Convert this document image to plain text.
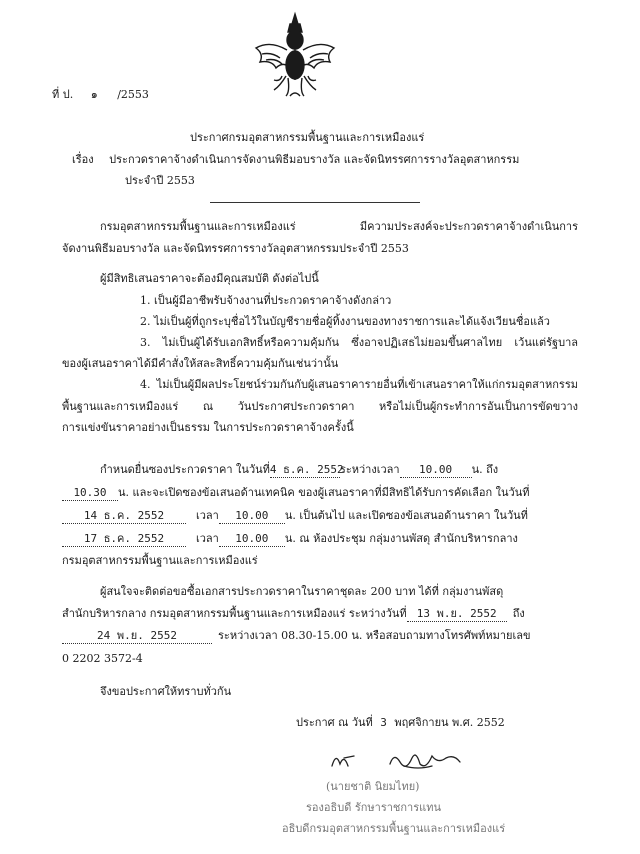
ที่ ป. ๑ /2553
ประกาศกรมอุตสาหกรรมพื้นฐานและการเหมืองแร่
เรื่อง ประกวดราคาจ้างดำเนินการจัดงานพิธีมอบรางวัล และจัดนิทรรศการรางวัลอุตสาหกรรม
ประจำปี 2553
กรมอุตสาหกรรมพื้นฐานและการเหมืองแร่ มีความประสงค์จะประกวดราคาจ้างดำเนินการ
จัดงานพิธีมอบรางวัล และจัดนิทรรศการรางวัลอุตสาหกรรมประจำปี 2553
ผู้มีสิทธิเสนอราคาจะต้องมีคุณสมบัติ ดังต่อไปนี้
1. เป็นผู้มีอาชีพรับจ้างงานที่ประกวดราคาจ้างดังกล่าว
2. ไม่เป็นผู้ที่ถูกระบุชื่อไว้ในบัญชีรายชื่อผู้ทิ้งงานของทางราชการและได้แจ้งเวียนชื่อแล้ว
3. ไม่เป็นผู้ได้รับเอกสิทธิ์หรือความคุ้มกัน ซึ่งอาจปฏิเสธไม่ยอมขึ้นศาลไทย เว้นแต่รัฐบาล
ของผู้เสนอราคาได้มีคำสั่งให้สละสิทธิ์ความคุ้มกันเช่นว่านั้น
4. ไม่เป็นผู้มีผลประโยชน์ร่วมกันกับผู้เสนอราคารายอื่นที่เข้าเสนอราคาให้แก่กรมอุตสาหกรรม
พื้นฐานและการเหมืองแร่ ณ วันประกาศประกวดราคา หรือไม่เป็นผู้กระทำการอันเป็นการขัดขวาง
การแข่งขันราคาอย่างเป็นธรรม ในการประกวดราคาจ้างครั้งนี้
กำหนดยื่นซองประกวดราคา ในวันที่4 ธ.ค. 2552ระหว่างเวลา 10.00 น. ถึง
10.30 น. และจะเปิดซองข้อเสนอด้านเทคนิค ของผู้เสนอราคาที่มีสิทธิได้รับการคัดเลือก ในวันที่
14 ธ.ค. 2552	เวลา 10.00 น. เป็นต้นไป และเปิดซองข้อเสนอด้านราคา ในวันที่
17 ธ.ค. 2552	เวลา 10.00 น. ณ ห้องประชุม กลุ่มงานพัสดุ สำนักบริหารกลาง
กรมอุตสาหกรรมพื้นฐานและการเหมืองแร่
ผู้สนใจจะติดต่อขอซื้อเอกสารประกวดราคาในราคาชุดละ 200 บาท ได้ที่ กลุ่มงานพัสดุ
สำนักบริหารกลาง กรมอุตสาหกรรมพื้นฐานและการเหมืองแร่ ระหว่างวันที่ 13 พ.ย. 2552 ถึง
24 พ.ย. 2552	ระหว่างเวลา 08.30-15.00 น. หรือสอบถามทางโทรศัพท์หมายเลข
0 2202 3572-4
จึงขอประกาศให้ทราบทั่วกัน
ประกาศ ณ วันที่ 3 พฤศจิกายน พ.ศ. 2552
(นายชาติ นิยมไทย)
รองอธิบดี รักษาราชการแทน
อธิบดีกรมอุตสาหกรรมพื้นฐานและการเหมืองแร่
